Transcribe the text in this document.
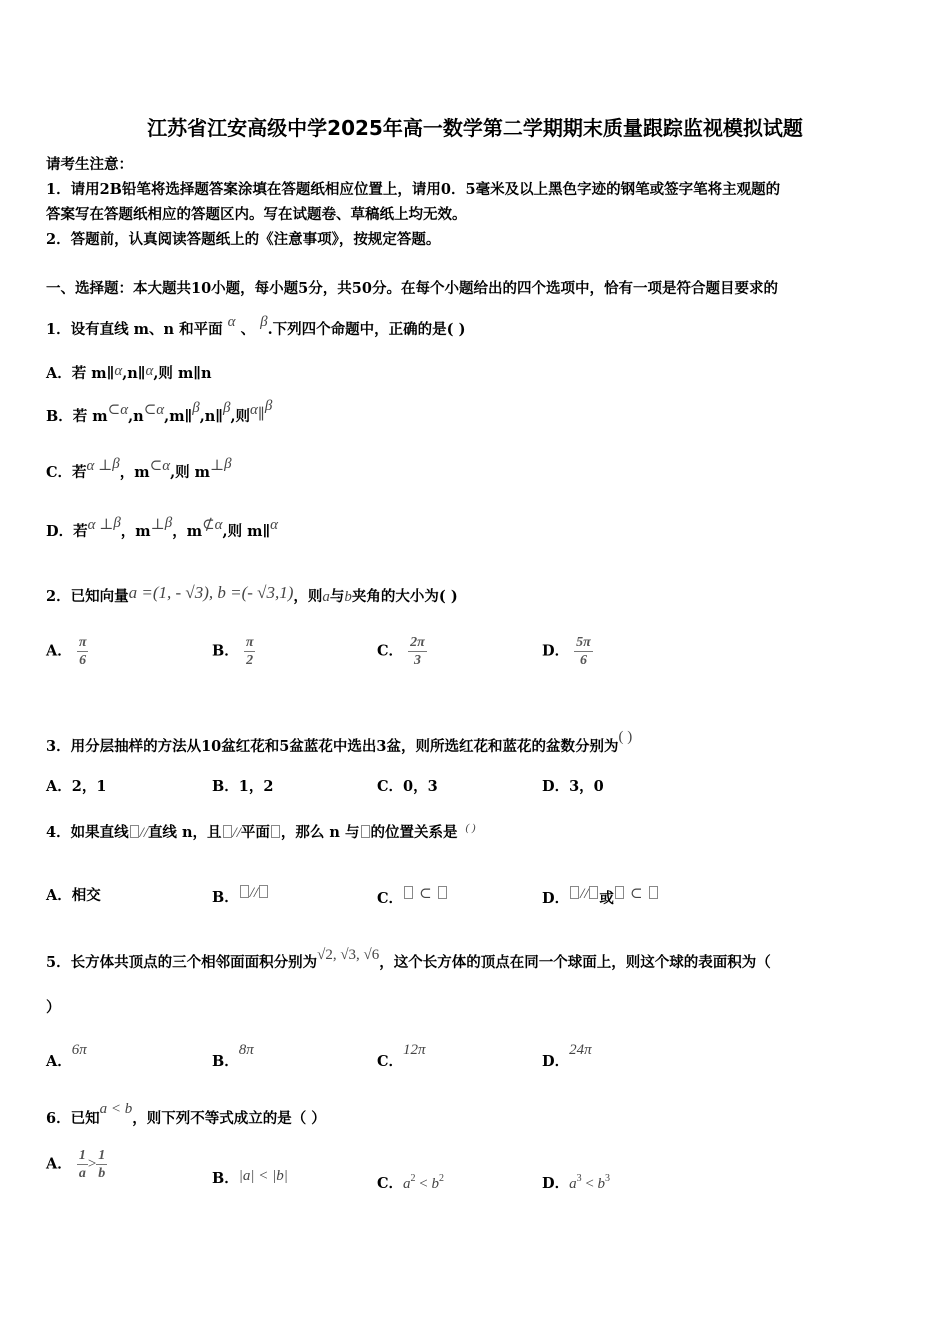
江苏省江安高级中学2025年高一数学第二学期期末质量跟踪监视模拟试题
请考生注意：
1．请用2B铅笔将选择题答案涂填在答题纸相应位置上，请用0．5毫米及以上黑色字迹的钢笔或签字笔将主观题的
答案写在答题纸相应的答题区内。写在试题卷、草稿纸上均无效。
2．答题前，认真阅读答题纸上的《注意事项》，按规定答题。
一、选择题：本大题共10小题，每小题5分，共50分。在每个小题给出的四个选项中，恰有一项是符合题目要求的
1．设有直线 m、n 和平面 α 、 β.下列四个命题中，正确的是( )
A．若 m∥α,n∥α,则 m∥n
B．若 m⊂α,n⊂α,m∥β,n∥β,则α∥β
C．若α ⊥β，m⊂α,则 m⊥β
D．若α ⊥β，m⊥β，m⊄α,则 m∥α
2．已知向量a =(1, - √3), b =(- √3,1)，则a与b夹角的大小为( )
A． $\frac{\pi}{6}$	B． $\frac{\pi}{2}$	C． $\frac{2\pi}{3}$	D． $\frac{5\pi}{6}$
3．用分层抽样的方法从10盆红花和5盆蓝花中选出3盆，则所选红花和蓝花的盆数分别为( )
A．2，1	B．1，2	C．0，3	D．3，0
4．如果直线 //直线 n，且 //平面 ，那么 n 与 的位置关系是 ( )
A．相交	B． //	C． ⊂	D． // 或 ⊂
5．长方体共顶点的三个相邻面面积分别为√2, √3, √6，这个长方体的顶点在同一个球面上，则这个球的表面积为（
）
A．6π
B．8π
C．12π
D．24π
6．已知a < b，则下列不等式成立的是（ ）
A． $\frac{1}{a} > \frac{1}{b}$	B．|a| < |b|	C．$a^2 < b^2$	D．$a^3 < b^3$
